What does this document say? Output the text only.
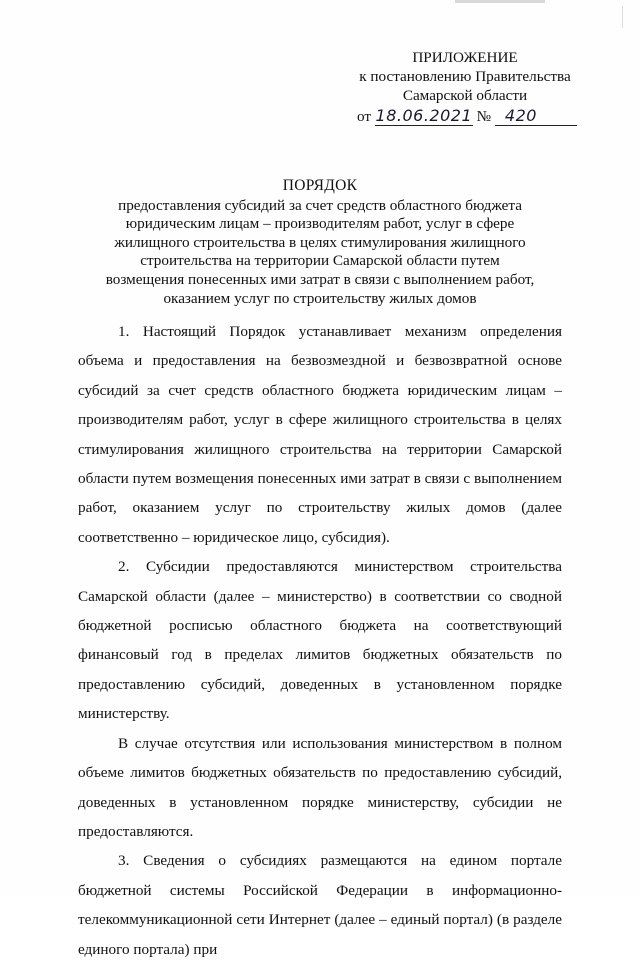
ПРИЛОЖЕНИЕ
к постановлению Правительства
Самарской области
от 18.06.2021 № 420
ПОРЯДОК
предоставления субсидий за счет средств областного бюджета
юридическим лицам – производителям работ, услуг в сфере
жилищного строительства в целях стимулирования жилищного
строительства на территории Самарской области путем
возмещения понесенных ими затрат в связи с выполнением работ,
оказанием услуг по строительству жилых домов

1. Настоящий Порядок устанавливает механизм определения объема и предоставления на безвозмездной и безвозвратной основе субсидий за счет средств областного бюджета юридическим лицам – производителям работ, услуг в сфере жилищного строительства в целях стимулирования жилищного строительства на территории Самарской области путем возмещения понесенных ими затрат в связи с выполнением работ, оказанием услуг по строительству жилых домов (далее соответственно – юридическое лицо, субсидия).

2. Субсидии предоставляются министерством строительства Самарской области (далее – министерство) в соответствии со сводной бюджетной росписью областного бюджета на соответствующий финансовый год в пределах лимитов бюджетных обязательств по предоставлению субсидий, доведенных в установленном порядке министерству.

В случае отсутствия или использования министерством в полном объеме лимитов бюджетных обязательств по предоставлению субсидий, доведенных в установленном порядке министерству, субсидии не предоставляются.

3. Сведения о субсидиях размещаются на едином портале бюджетной системы Российской Федерации в информационно-телекоммуникационной сети Интернет (далее – единый портал) (в разделе единого портала) при
